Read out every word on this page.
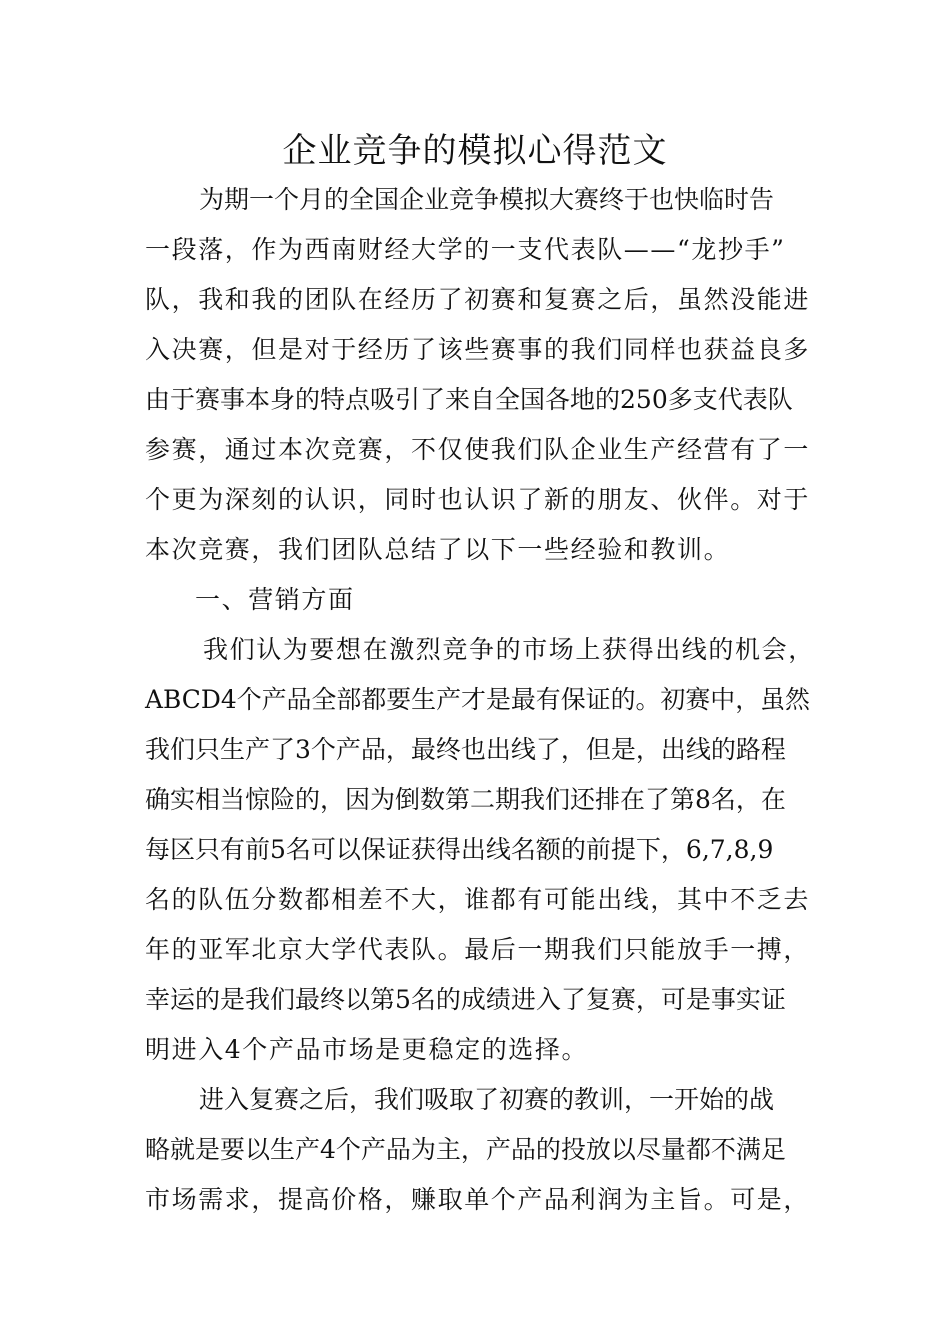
企业竞争的模拟心得范文
为期一个月的全国企业竞争模拟大赛终于也快临时告
一段落，作为西南财经大学的一支代表队——“龙抄手”
队，我和我的团队在经历了初赛和复赛之后，虽然没能进
入决赛，但是对于经历了该些赛事的我们同样也获益良多
由于赛事本身的特点吸引了来自全国各地的250多支代表队
参赛，通过本次竞赛，不仅使我们队企业生产经营有了一
个更为深刻的认识，同时也认识了新的朋友、伙伴。对于
本次竞赛，我们团队总结了以下一些经验和教训。
一、营销方面
我们认为要想在激烈竞争的市场上获得出线的机会，
ABCD4个产品全部都要生产才是最有保证的。初赛中，虽然
我们只生产了3个产品，最终也出线了，但是，出线的路程
确实相当惊险的，因为倒数第二期我们还排在了第8名，在
每区只有前5名可以保证获得出线名额的前提下，6,7,8,9
名的队伍分数都相差不大，谁都有可能出线，其中不乏去
年的亚军北京大学代表队。最后一期我们只能放手一搏，
幸运的是我们最终以第5名的成绩进入了复赛，可是事实证
明进入4个产品市场是更稳定的选择。
进入复赛之后，我们吸取了初赛的教训，一开始的战
略就是要以生产4个产品为主，产品的投放以尽量都不满足
市场需求，提高价格，赚取单个产品利润为主旨。可是，
